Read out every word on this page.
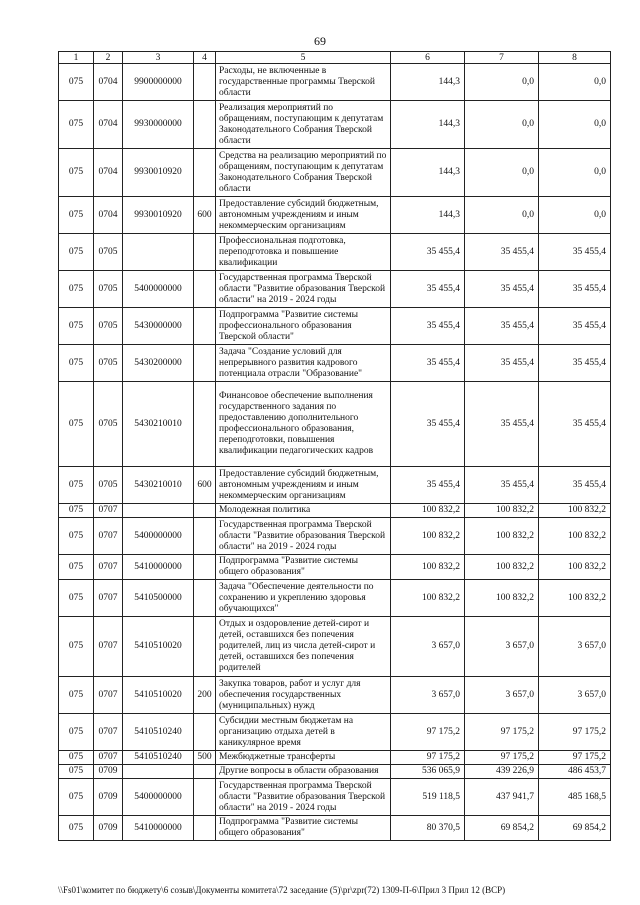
69
1	2	3	4	5	6	7	8
075	0704	9900000000		Расходы, не включенные в государственные программы Тверской области	144,3	0,0	0,0
075	0704	9930000000		Реализация мероприятий по обращениям, поступающим к депутатам Законодательного Собрания Тверской области	144,3	0,0	0,0
075	0704	9930010920		Средства на реализацию мероприятий по обращениям, поступающим к депутатам Законодательного Собрания Тверской области	144,3	0,0	0,0
075	0704	9930010920	600	Предоставление субсидий бюджетным, автономным учреждениям и иным некоммерческим организациям	144,3	0,0	0,0
075	0705			Профессиональная подготовка, переподготовка и повышение квалификации	35 455,4	35 455,4	35 455,4
075	0705	5400000000		Государственная программа Тверской области "Развитие образования Тверской области" на 2019 - 2024 годы	35 455,4	35 455,4	35 455,4
075	0705	5430000000		Подпрограмма "Развитие системы профессионального образования Тверской области"	35 455,4	35 455,4	35 455,4
075	0705	5430200000		Задача "Создание условий для непрерывного развития кадрового потенциала отрасли "Образование"	35 455,4	35 455,4	35 455,4
075	0705	5430210010		Финансовое обеспечение выполнения государственного задания по предоставлению дополнительного профессионального образования, переподготовки, повышения квалификации педагогических кадров	35 455,4	35 455,4	35 455,4
075	0705	5430210010	600	Предоставление субсидий бюджетным, автономным учреждениям и иным некоммерческим организациям	35 455,4	35 455,4	35 455,4
075	0707			Молодежная политика	100 832,2	100 832,2	100 832,2
075	0707	5400000000		Государственная программа Тверской области "Развитие образования Тверской области" на 2019 - 2024 годы	100 832,2	100 832,2	100 832,2
075	0707	5410000000		Подпрограмма "Развитие системы общего образования"	100 832,2	100 832,2	100 832,2
075	0707	5410500000		Задача "Обеспечение деятельности по сохранению и укреплению здоровья обучающихся"	100 832,2	100 832,2	100 832,2
075	0707	5410510020		Отдых и оздоровление детей-сирот и детей, оставшихся без попечения родителей, лиц из числа детей-сирот и детей, оставшихся без попечения родителей	3 657,0	3 657,0	3 657,0
075	0707	5410510020	200	Закупка товаров, работ и услуг для обеспечения государственных (муниципальных) нужд	3 657,0	3 657,0	3 657,0
075	0707	5410510240		Субсидии местным бюджетам на организацию отдыха детей в каникулярное время	97 175,2	97 175,2	97 175,2
075	0707	5410510240	500	Межбюджетные трансферты	97 175,2	97 175,2	97 175,2
075	0709			Другие вопросы в области образования	536 065,9	439 226,9	486 453,7
075	0709	5400000000		Государственная программа Тверской области "Развитие образования Тверской области" на 2019 - 2024 годы	519 118,5	437 941,7	485 168,5
075	0709	5410000000		Подпрограмма "Развитие системы общего образования"	80 370,5	69 854,2	69 854,2
\\Fs01\комитет по бюджету\6 созыв\Документы комитета\72 заседание (5)\pr\zpr(72) 1309-П-6\Прил 3 Прил 12 (ВСР)
